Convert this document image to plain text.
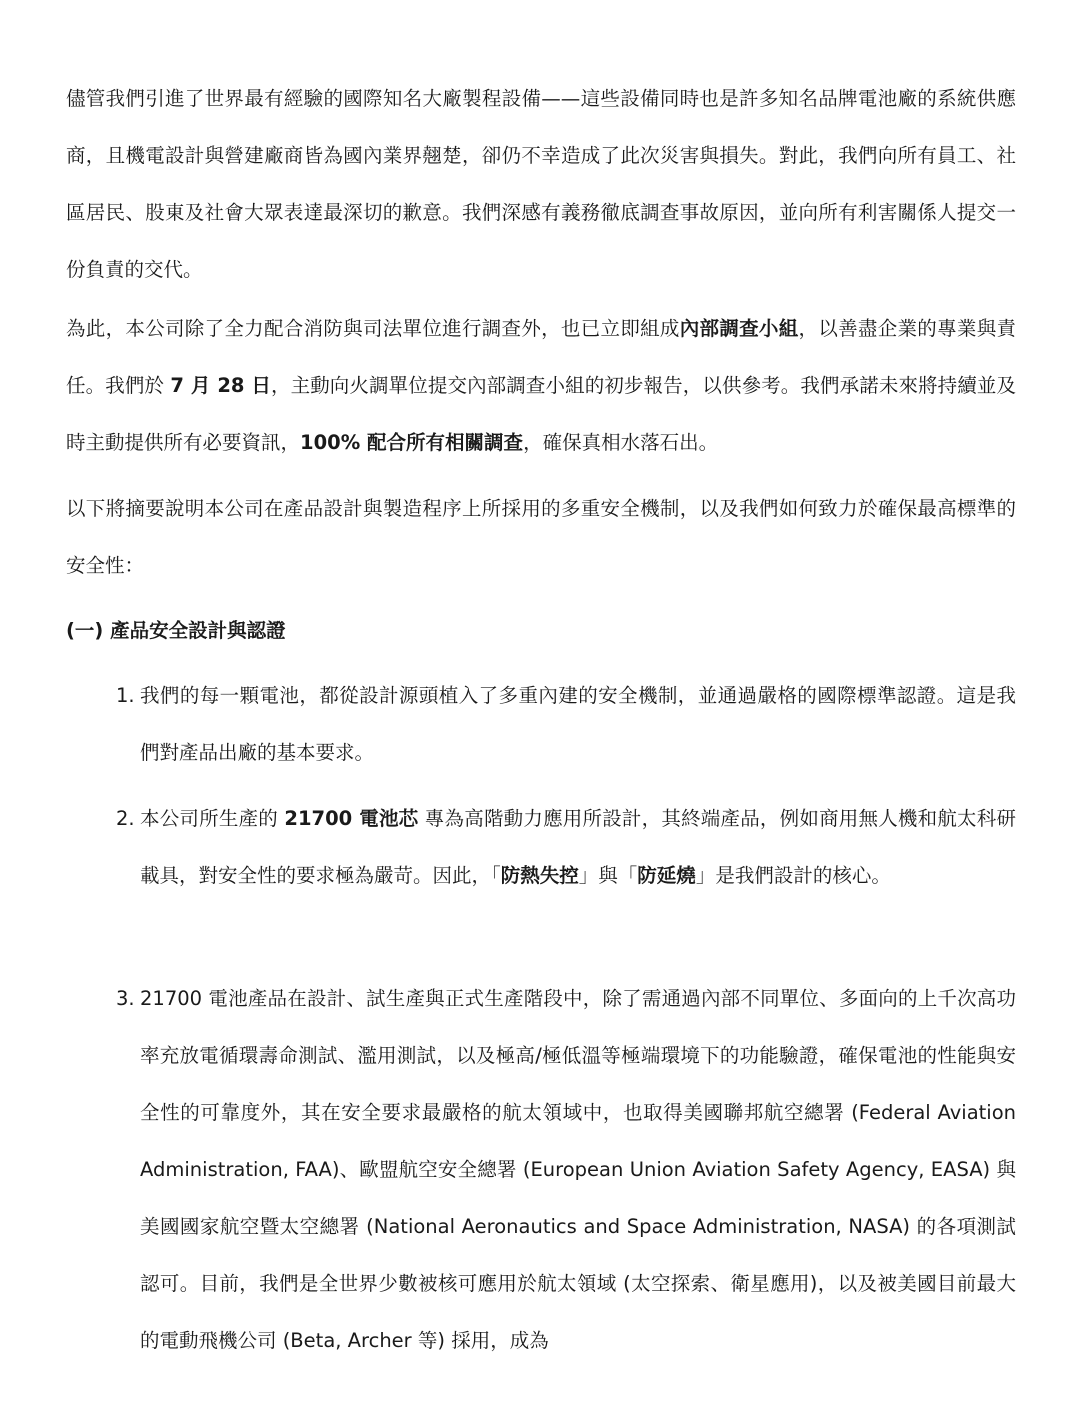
儘管我們引進了世界最有經驗的國際知名大廠製程設備——這些設備同時也是許多知名品牌電池廠的系統供應商，且機電設計與營建廠商皆為國內業界翹楚，卻仍不幸造成了此次災害與損失。對此，我們向所有員工、社區居民、股東及社會大眾表達最深切的歉意。我們深感有義務徹底調查事故原因，並向所有利害關係人提交一份負責的交代。

為此，本公司除了全力配合消防與司法單位進行調查外，也已立即組成內部調查小組，以善盡企業的專業與責任。我們於 7 月 28 日，主動向火調單位提交內部調查小組的初步報告，以供參考。我們承諾未來將持續並及時主動提供所有必要資訊，100% 配合所有相關調查，確保真相水落石出。

以下將摘要說明本公司在產品設計與製造程序上所採用的多重安全機制，以及我們如何致力於確保最高標準的安全性：

(一) 產品安全設計與認證

1. 我們的每一顆電池，都從設計源頭植入了多重內建的安全機制，並通過嚴格的國際標準認證。這是我們對產品出廠的基本要求。
2. 本公司所生產的 21700 電池芯 專為高階動力應用所設計，其終端產品，例如商用無人機和航太科研載具，對安全性的要求極為嚴苛。因此，「防熱失控」與「防延燒」是我們設計的核心。
3. 21700 電池產品在設計、試生產與正式生產階段中，除了需通過內部不同單位、多面向的上千次高功率充放電循環壽命測試、濫用測試，以及極高/極低溫等極端環境下的功能驗證，確保電池的性能與安全性的可靠度外，其在安全要求最嚴格的航太領域中，也取得美國聯邦航空總署 (Federal Aviation Administration, FAA)、歐盟航空安全總署 (European Union Aviation Safety Agency, EASA) 與美國國家航空暨太空總署 (National Aeronautics and Space Administration, NASA) 的各項測試認可。目前，我們是全世界少數被核可應用於航太領域 (太空探索、衛星應用)，以及被美國目前最大的電動飛機公司 (Beta, Archer 等) 採用，成為
